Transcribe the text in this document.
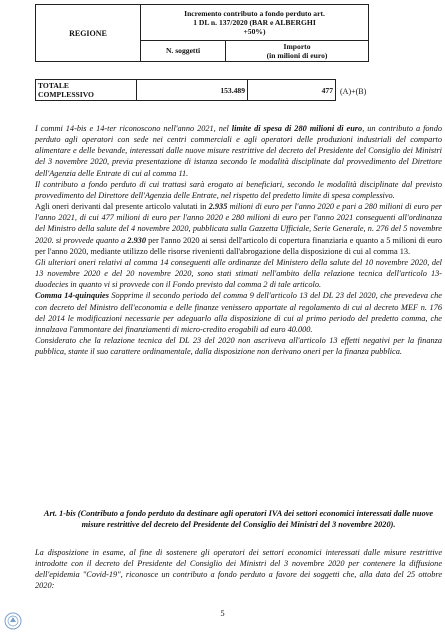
REGIONE	Incremento contributo a fondo perduto art.
1 DL n. 137/2020 (BAR e ALBERGHI
+50%)	

	N. soggetti	Importo
(in milioni di euro)
TOTALE
COMPLESSIVO	153.489	477 (A)+(B)

I commi 14-bis e 14-ter riconoscono nell'anno 2021, nel limite di spesa di 280 milioni di euro, un contributo a fondo perduto agli operatori con sede nei centri commerciali e agli operatori delle produzioni industriali del comparto alimentare e delle bevande, interessati dalle nuove misure restrittive del decreto del Presidente del Consiglio dei Ministri del 3 novembre 2020, previa presentazione di istanza secondo le modalità disciplinate dal provvedimento del Direttore dell'Agenzia delle Entrate di cui al comma 11.

Il contributo a fondo perduto di cui trattasi sarà erogato ai beneficiari, secondo le modalità disciplinate dal previsto provvedimento del Direttore dell'Agenzia delle Entrate, nel rispetto del predetto limite di spesa complessivo.

Agli oneri derivanti dal presente articolo valutati in 2.935 milioni di euro per l'anno 2020 e pari a 280 milioni di euro per l'anno 2021, di cui 477 milioni di euro per l'anno 2020 e 280 milioni di euro per l'anno 2021 conseguenti all'ordinanza del Ministro della salute del 4 novembre 2020, pubblicata sulla Gazzetta Ufficiale, Serie Generale, n. 276 del 5 novembre 2020. si provvede quanto a 2.930 per l'anno 2020 ai sensi dell'articolo di copertura finanziaria e quanto a 5 milioni di euro per l'anno 2020, mediante utilizzo delle risorse rivenienti dall'abrogazione della disposizione di cui al comma 13.

Gli ulteriori oneri relativi al comma 14 conseguenti alle ordinanze del Ministero della salute del 10 novembre 2020, del 13 novembre 2020 e del 20 novembre 2020, sono stati stimati nell'ambito della relazione tecnica dell'articolo 13-duodecies in quanto vi si provvede con il Fondo previsto dal comma 2 di tale articolo.

Comma 14-quinquies Sopprime il secondo periodo del comma 9 dell'articolo 13 del DL 23 del 2020, che prevedeva che con decreto del Ministro dell'economia e delle finanze venissero apportate al regolamento di cui al decreto MEF n. 176 del 2014 le modificazioni necessarie per adeguarlo alla disposizione di cui al primo periodo del predetto comma, che innalzava l'ammontare dei finanziamenti di micro-credito erogabili ad euro 40.000.

Considerato che la relazione tecnica del DL 23 del 2020 non ascriveva all'articolo 13 effetti negativi per la finanza pubblica, stante il suo carattere ordinamentale, dalla disposizione non derivano oneri per la finanza pubblica.

Art. 1-bis (Contributo a fondo perduto da destinare agli operatori IVA dei settori economici interessati dalle nuove misure restrittive del decreto del Presidente del Consiglio dei Ministri del 3 novembre 2020).

La disposizione in esame, al fine di sostenere gli operatori dei settori economici interessati dalle misure restrittive introdotte con il decreto del Presidente del Consiglio dei Ministri del 3 novembre 2020 per contenere la diffusione dell'epidemia "Covid-19", riconosce un contributo a fondo perduto a favore dei soggetti che, alla data del 25 ottobre 2020:

5
